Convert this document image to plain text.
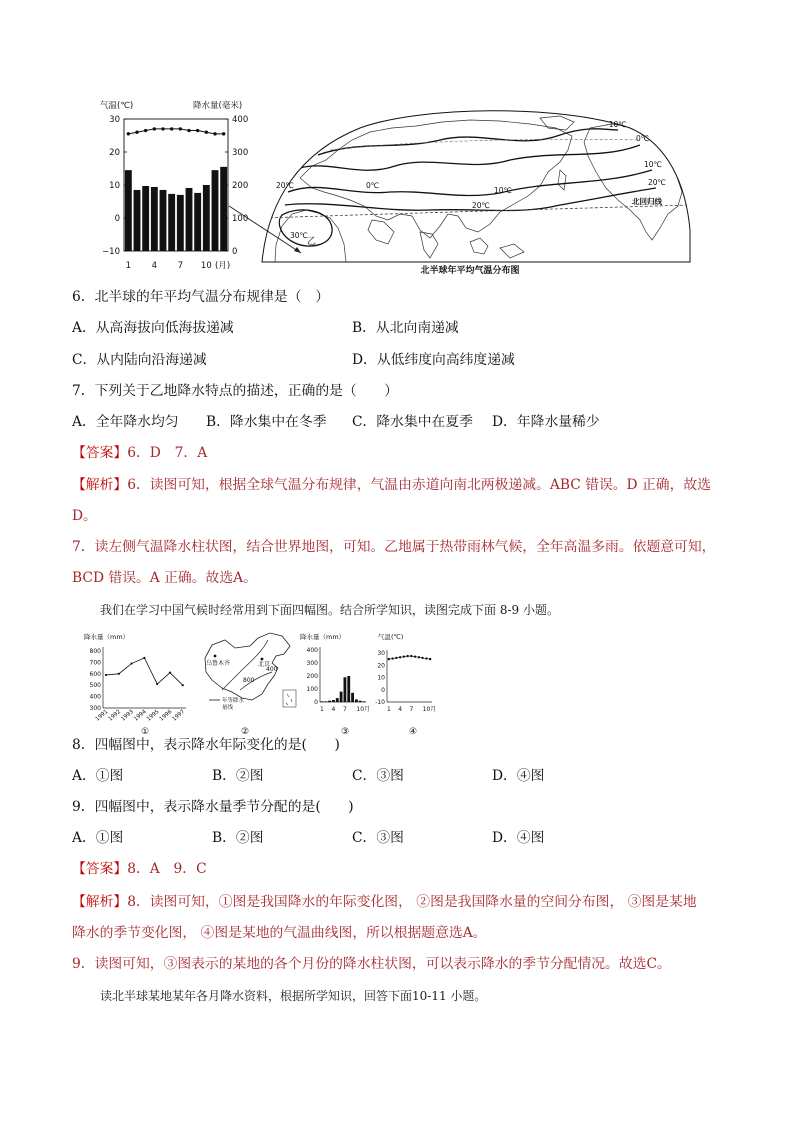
30
20
10
0
−10
400
300
200
100
0
1 4 7 10 (月)
气温(℃)	降水量(毫米)
-10℃
0℃
10℃
20℃
0℃
10℃
20℃
20℃
30℃
北回归线
乙
北半球年平均气温分布图
6．北半球的年平均气温分布规律是（　）
A．从高海拔向低海拔递减	B．从北向南递减
C．从内陆向沿海递减	D．从低纬度向高纬度递减
7．下列关于乙地降水特点的描述，正确的是（　　）
A．全年降水均匀 B．降水集中在冬季 C．降水集中在夏季 D．年降水量稀少
【答案】6．D　7．A
【解析】6．读图可知，根据全球气温分布规律，气温由赤道向南北两极递减。ABC 错误。D 正确，故选
D。
7．读左侧气温降水柱状图，结合世界地图，可知。乙地属于热带雨林气候，全年高温多雨。依题意可知，
BCD 错误。A 正确。故选A。
我们在学习中国气候时经常用到下面四幅图。结合所学知识，读图完成下面 8-9 小题。
800
700
600
500
400
300
1991
1992
1993
1994
1995
1996
1997
降水量（mm）
①
乌鲁木齐	北京
400
800
年等降水
量线
②
400
300
200
100
0
1 4 7 10月
降水量（mm）
③
30
20
10
0
-10
1 4 7 10月
气温(℃)
④
8．四幅图中，表示降水年际变化的是(　　)
A．①图	B．②图	C．③图	D．④图
9．四幅图中，表示降水量季节分配的是(　　)
A．①图	B．②图	C．③图	D．④图
【答案】8．A　9．C
【解析】8．读图可知，①图是我国降水的年际变化图， ②图是我国降水量的空间分布图， ③图是某地
降水的季节变化图， ④图是某地的气温曲线图，所以根据题意选A。
9．读图可知，③图表示的某地的各个月份的降水柱状图，可以表示降水的季节分配情况。故选C。
读北半球某地某年各月降水资料，根据所学知识，回答下面10-11 小题。
